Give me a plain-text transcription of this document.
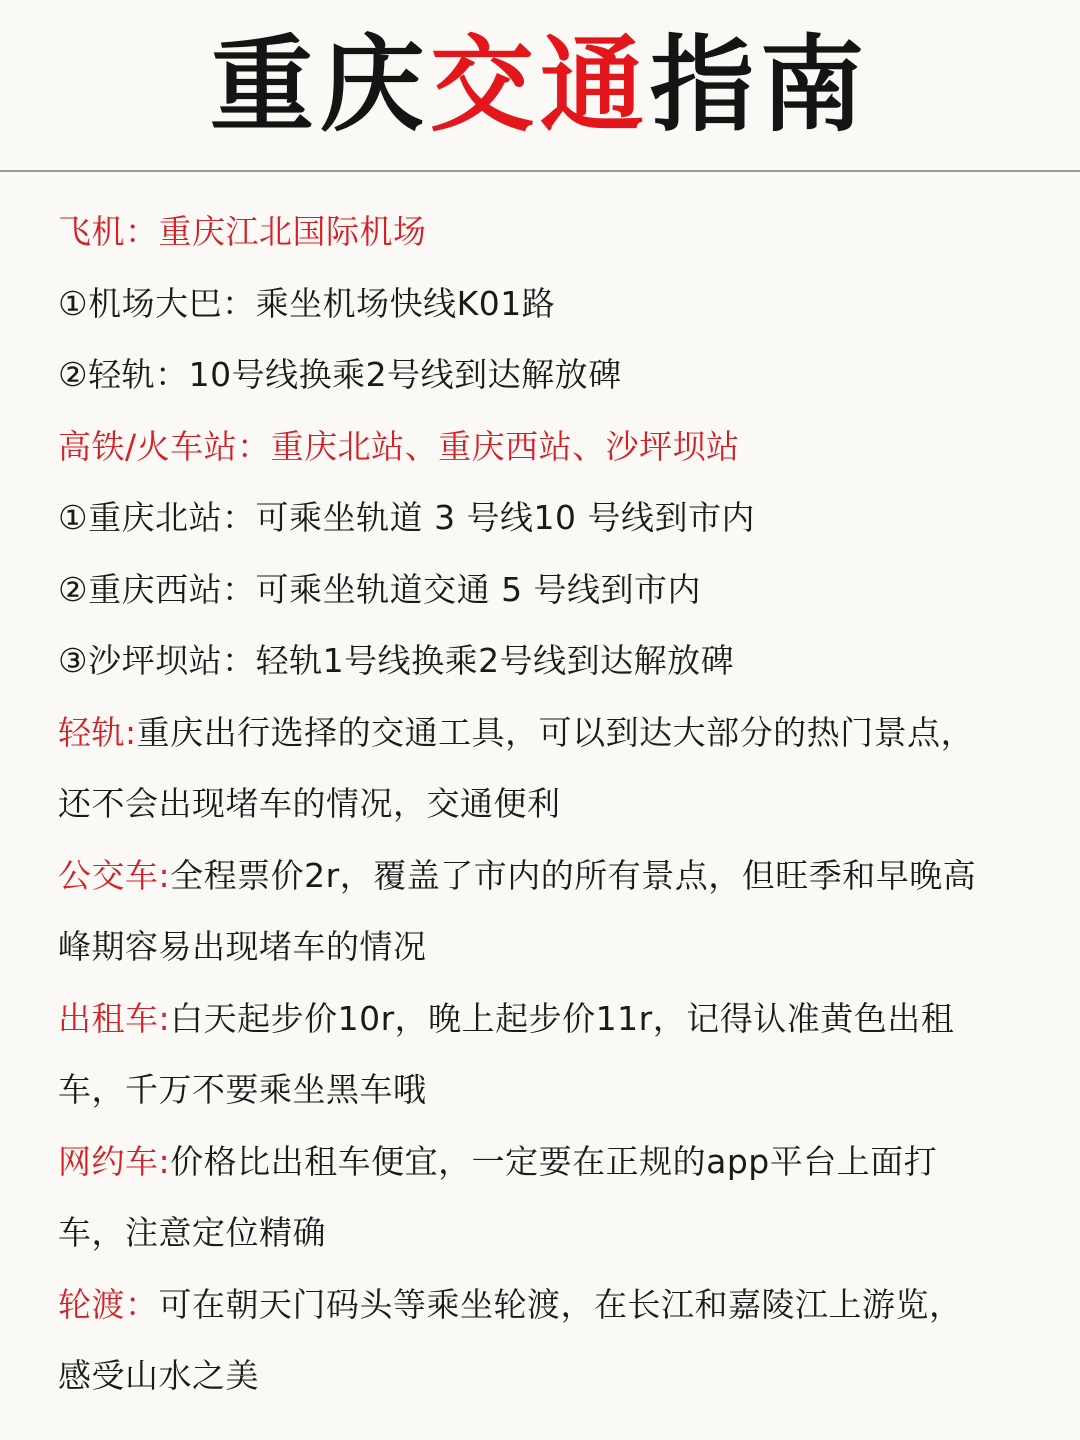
重庆交通指南
飞机：重庆江北国际机场
①机场大巴：乘坐机场快线K01路
②轻轨：10号线换乘2号线到达解放碑
高铁/火车站：重庆北站、重庆西站、沙坪坝站
①重庆北站：可乘坐轨道 3 号线10 号线到市内
②重庆西站：可乘坐轨道交通 5 号线到市内
③沙坪坝站：轻轨1号线换乘2号线到达解放碑
轻轨:重庆出行选择的交通工具，可以到达大部分的热门景点，
还不会出现堵车的情况，交通便利
公交车:全程票价2r，覆盖了市内的所有景点，但旺季和早晚高
峰期容易出现堵车的情况
出租车:白天起步价10r，晚上起步价11r，记得认准黄色出租
车，千万不要乘坐黑车哦
网约车:价格比出租车便宜，一定要在正规的app平台上面打
车，注意定位精确
轮渡：可在朝天门码头等乘坐轮渡，在长江和嘉陵江上游览，
感受山水之美
